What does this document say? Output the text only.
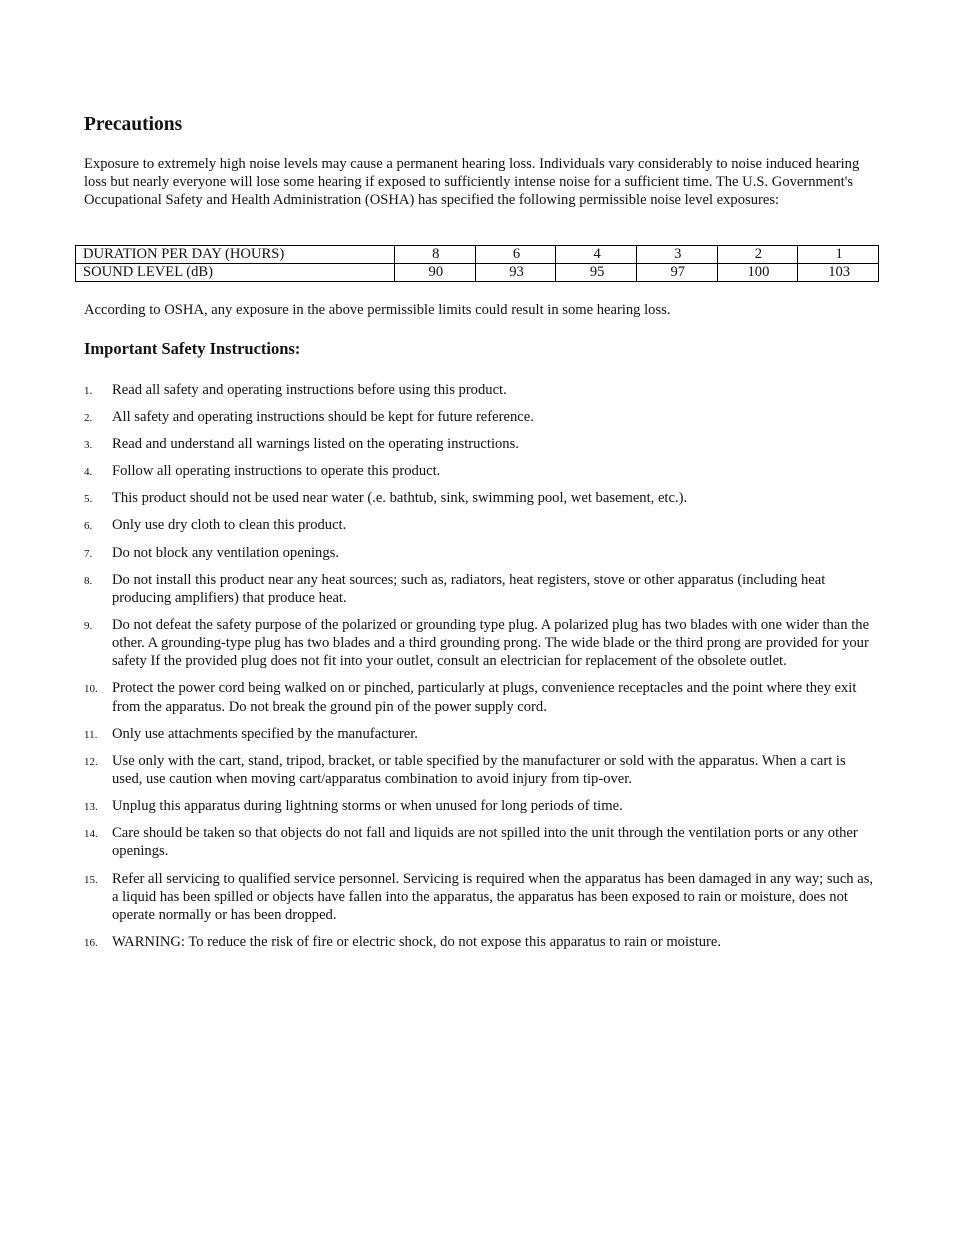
Precautions

Exposure to extremely high noise levels may cause a permanent hearing loss. Individuals vary considerably to noise induced hearing loss but nearly everyone will lose some hearing if exposed to sufficiently intense noise for a sufficient time. The U.S. Government's Occupational Safety and Health Administration (OSHA) has specified the following permissible noise level exposures:

DURATION PER DAY (HOURS)	8	6	4	3	2	1
SOUND LEVEL (dB)	90	93	95	97	100	103

According to OSHA, any exposure in the above permissible limits could result in some hearing loss.

Important Safety Instructions:
1. Read all safety and operating instructions before using this product.
2. All safety and operating instructions should be kept for future reference.
3. Read and understand all warnings listed on the operating instructions.
4. Follow all operating instructions to operate this product.
5. This product should not be used near water (.e. bathtub, sink, swimming pool, wet basement, etc.).
6. Only use dry cloth to clean this product.
7. Do not block any ventilation openings.
8. Do not install this product near any heat sources; such as, radiators, heat registers, stove or other apparatus (including heat producing amplifiers) that produce heat.
9. Do not defeat the safety purpose of the polarized or grounding type plug. A polarized plug has two blades with one wider than the other. A grounding-type plug has two blades and a third grounding prong. The wide blade or the third prong are provided for your safety If the provided plug does not fit into your outlet, consult an electrician for replacement of the obsolete outlet.
10. Protect the power cord being walked on or pinched, particularly at plugs, convenience receptacles and the point where they exit from the apparatus. Do not break the ground pin of the power supply cord.
11. Only use attachments specified by the manufacturer.
12. Use only with the cart, stand, tripod, bracket, or table specified by the manufacturer or sold with the apparatus. When a cart is used, use caution when moving cart/apparatus combination to avoid injury from tip-over.
13. Unplug this apparatus during lightning storms or when unused for long periods of time.
14. Care should be taken so that objects do not fall and liquids are not spilled into the unit through the ventilation ports or any other openings.
15. Refer all servicing to qualified service personnel. Servicing is required when the apparatus has been damaged in any way; such as, a liquid has been spilled or objects have fallen into the apparatus, the apparatus has been exposed to rain or moisture, does not operate normally or has been dropped.
16. WARNING: To reduce the risk of fire or electric shock, do not expose this apparatus to rain or moisture.
